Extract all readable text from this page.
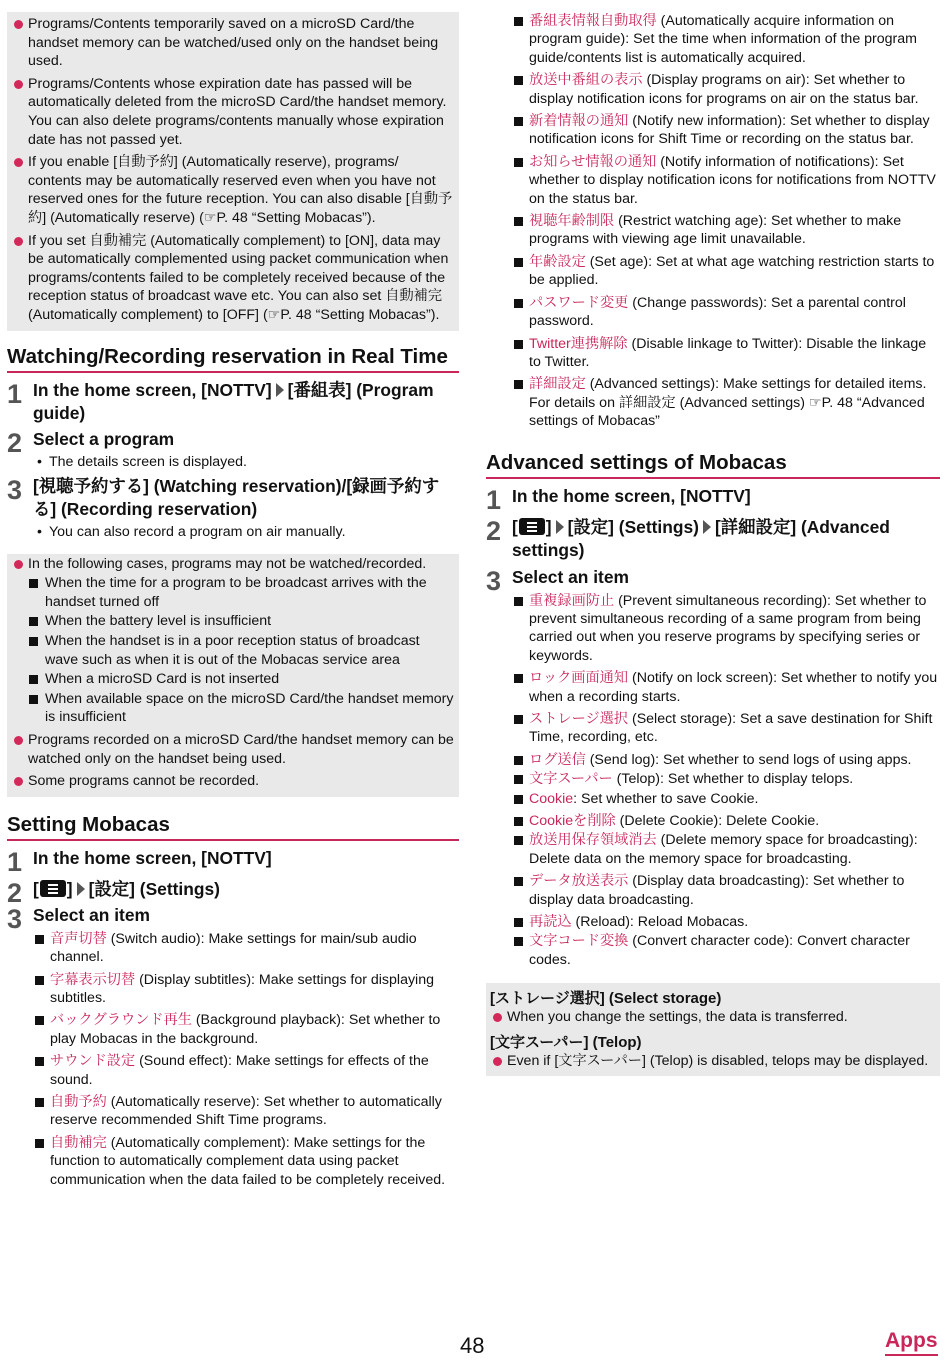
Programs/Contents temporarily saved on a microSD Card/the handset memory can be watched/used only on the handset being used.
Programs/Contents whose expiration date has passed will be automatically deleted from the microSD Card/the handset memory. You can also delete programs/contents manually whose expiration date has not passed yet.
If you enable [自動予約] (Automatically reserve), programs/ contents may be automatically reserved even when you have not reserved ones for the future reception. You can also disable [自動予約] (Automatically reserve) (☞P. 48 “Setting Mobacas”).
If you set 自動補完 (Automatically complement) to [ON], data may be automatically complemented using packet communication when programs/contents failed to be completely received because of the reception status of broadcast wave etc. You can also set 自動補完 (Automatically complement) to [OFF] (☞P. 48 “Setting Mobacas”).
Watching/Recording reservation in Real Time
1 In the home screen, [NOTTV] [番組表] (Program guide)
2 Select a program
• The details screen is displayed.
3 [視聴予約する] (Watching reservation)/[録画予約する] (Recording reservation)
• You can also record a program on air manually.
In the following cases, programs may not be watched/recorded.
When the time for a program to be broadcast arrives with the handset turned off
When the battery level is insufficient
When the handset is in a poor reception status of broadcast wave such as when it is out of the Mobacas service area
When a microSD Card is not inserted
When available space on the microSD Card/the handset memory is insufficient
Programs recorded on a microSD Card/the handset memory can be watched only on the handset being used.
Some programs cannot be recorded.
Setting Mobacas
1 In the home screen, [NOTTV]
2 [ ] [設定] (Settings)
3 Select an item
音声切替 (Switch audio): Make settings for main/sub audio channel.
字幕表示切替 (Display subtitles): Make settings for displaying subtitles.
バックグラウンド再生 (Background playback): Set whether to play Mobacas in the background.
サウンド設定 (Sound effect): Make settings for effects of the sound.
自動予約 (Automatically reserve): Set whether to automatically reserve recommended Shift Time programs.
自動補完 (Automatically complement): Make settings for the function to automatically complement data using packet communication when the data failed to be completely received.
番組表情報自動取得 (Automatically acquire information on program guide): Set the time when information of the program guide/contents list is automatically acquired.
放送中番組の表示 (Display programs on air): Set whether to display notification icons for programs on air on the status bar.
新着情報の通知 (Notify new information): Set whether to display notification icons for Shift Time or recording on the status bar.
お知らせ情報の通知 (Notify information of notifications): Set whether to display notification icons for notifications from NOTTV on the status bar.
視聴年齢制限 (Restrict watching age): Set whether to make programs with viewing age limit unavailable.
年齢設定 (Set age): Set at what age watching restriction starts to be applied.
パスワード変更 (Change passwords): Set a parental control password.
Twitter連携解除 (Disable linkage to Twitter): Disable the linkage to Twitter.
詳細設定 (Advanced settings): Make settings for detailed items. For details on 詳細設定 (Advanced settings) ☞P. 48 “Advanced settings of Mobacas”
Advanced settings of Mobacas
1 In the home screen, [NOTTV]
2 [ ] [設定] (Settings) [詳細設定] (Advanced settings)
3 Select an item
重複録画防止 (Prevent simultaneous recording): Set whether to prevent simultaneous recording of a same program from being carried out when you reserve programs by specifying series or keywords.
ロック画面通知 (Notify on lock screen): Set whether to notify you when a recording starts.
ストレージ選択 (Select storage): Set a save destination for Shift Time, recording, etc.
ログ送信 (Send log): Set whether to send logs of using apps.
文字スーパー (Telop): Set whether to display telops.
Cookie: Set whether to save Cookie.
Cookieを削除 (Delete Cookie): Delete Cookie.
放送用保存領域消去 (Delete memory space for broadcasting): Delete data on the memory space for broadcasting.
データ放送表示 (Display data broadcasting): Set whether to display data broadcasting.
再読込 (Reload): Reload Mobacas.
文字コード変換 (Convert character code): Convert character codes.
[ストレージ選択] (Select storage)
When you change the settings, the data is transferred.
[文字スーパー] (Telop)
Even if [文字スーパー] (Telop) is disabled, telops may be displayed.
48	Apps
